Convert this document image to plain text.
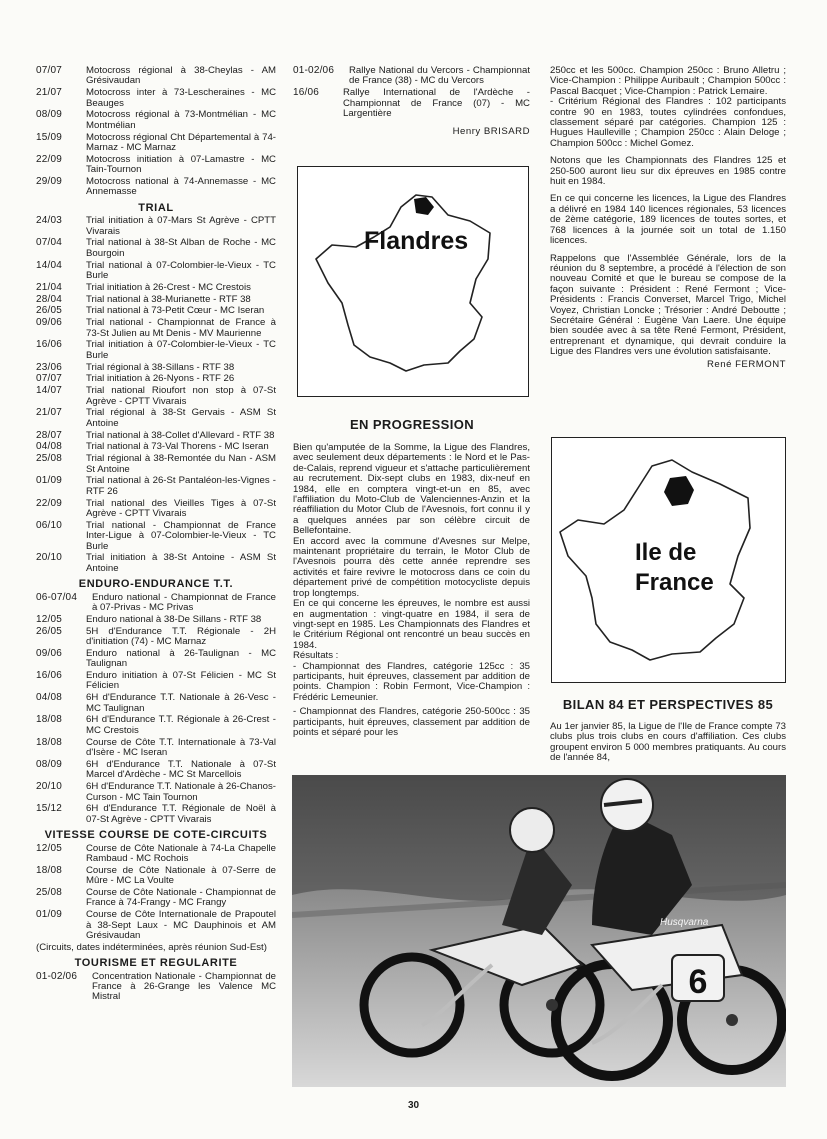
07/07	Motocross régional à 38-Cheylas - AM Grésivaudan
21/07	Motocross inter à 73-Lescheraines - MC Beauges
08/09	Motocross régional à 73-Montmélian - MC Montmélian
15/09	Motocross régional Cht Départemental à 74-Marnaz - MC Marnaz
22/09	Motocross initiation à 07-Lamastre - MC Tain-Tournon
29/09	Motocross national à 74-Annemasse - MC Annemasse
TRIAL
24/03	Trial initiation à 07-Mars St Agrève - CPTT Vivarais
07/04	Trial national à 38-St Alban de Roche - MC Bourgoin
14/04	Trial national à 07-Colombier-le-Vieux - TC Burle
21/04	Trial initiation à 26-Crest - MC Crestois
28/04	Trial national à 38-Murianette - RTF 38
26/05	Trial national à 73-Petit Cœur - MC Iseran
09/06	Trial national - Championnat de France à 73-St Julien au Mt Denis - MV Maurienne
16/06	Trial initiation à 07-Colombier-le-Vieux - TC Burle
23/06	Trial régional à 38-Sillans - RTF 38
07/07	Trial initiation à 26-Nyons - RTF 26
14/07	Trial national Rioufort non stop à 07-St Agrève - CPTT Vivarais
21/07	Trial régional à 38-St Gervais - ASM St Antoine
28/07	Trial national à 38-Collet d'Allevard - RTF 38
04/08	Trial national à 73-Val Thorens - MC Iseran
25/08	Trial régional à 38-Remontée du Nan - ASM St Antoine
01/09	Trial national à 26-St Pantaléon-les-Vignes - RTF 26
22/09	Trial national des Vieilles Tiges à 07-St Agrève - CPTT Vivarais
06/10	Trial national - Championnat de France Inter-Ligue à 07-Colombier-le-Vieux - TC Burle
20/10	Trial initiation à 38-St Antoine - ASM St Antoine
ENDURO-ENDURANCE T.T.
06-07/04	Enduro national - Championnat de France à 07-Privas - MC Privas
12/05	Enduro national à 38-De Sillans - RTF 38
26/05	5H d'Endurance T.T. Régionale - 2H d'initiation (74) - MC Marnaz
09/06	Enduro national à 26-Taulignan - MC Taulignan
16/06	Enduro initiation à 07-St Félicien - MC St Félicien
04/08	6H d'Endurance T.T. Nationale à 26-Vesc - MC Taulignan
18/08	6H d'Endurance T.T. Régionale à 26-Crest - MC Crestois
18/08	Course de Côte T.T. Internationale à 73-Val d'Isère - MC Iseran
08/09	6H d'Endurance T.T. Nationale à 07-St Marcel d'Ardèche - MC St Marcellois
20/10	6H d'Endurance T.T. Nationale à 26-Chanos-Curson - MC Tain Tournon
15/12	6H d'Endurance T.T. Régionale de Noël à 07-St Agrève - CPTT Vivarais
VITESSE COURSE DE COTE-CIRCUITS
12/05	Course de Côte Nationale à 74-La Chapelle Rambaud - MC Rochois
18/08	Course de Côte Nationale à 07-Serre de Mûre - MC La Voulte
25/08	Course de Côte Nationale - Championnat de France à 74-Frangy - MC Frangy
01/09	Course de Côte Internationale de Prapoutel à 38-Sept Laux - MC Dauphinois et AM Grésivaudan
(Circuits, dates indéterminées, après réunion Sud-Est)
TOURISME ET REGULARITE
01-02/06	Concentration Nationale - Championnat de France à 26-Grange les Valence MC Mistral
01-02/06	Rallye National du Vercors - Championnat de France (38) - MC du Vercors
16/06	Rallye International de l'Ardèche - Championnat de France (07) - MC Largentière
Henry BRISARD
Flandres
EN PROGRESSION

Bien qu'amputée de la Somme, la Ligue des Flandres, avec seulement deux départements : le Nord et le Pas-de-Calais, reprend vigueur et s'attache particulièrement au recrutement. Dix-sept clubs en 1983, dix-neuf en 1984, elle en comptera vingt-et-un en 85, avec l'affiliation du Moto-Club de Valenciennes-Anzin et la réaffiliation du Motor Club de l'Avesnois, fort connu il y a quelques années par son célèbre circuit de Bellefontaine.

En accord avec la commune d'Avesnes sur Melpe, maintenant propriétaire du terrain, le Motor Club de l'Avesnois pourra dès cette année reprendre ses activités et faire revivre le motocross dans ce coin du département privé de compétition motocycliste depuis trop longtemps.

En ce qui concerne les épreuves, le nombre est aussi en augmentation : vingt-quatre en 1984, il sera de vingt-sept en 1985. Les Championnats des Flandres et le Critérium Régional ont rencontré un beau succès en 1984.

Résultats :

- Championnat des Flandres, catégorie 125cc : 35 participants, huit épreuves, classement par addition de points. Champion : Robin Fermont, Vice-Champion : Frédéric Lemeunier.

- Championnat des Flandres, catégorie 250-500cc : 35 participants, huit épreuves, classement par addition de points et séparé pour les

250cc et les 500cc. Champion 250cc : Bruno Alletru ; Vice-Champion : Philippe Auribault ; Champion 500cc : Pascal Bacquet ; Vice-Champion : Patrick Lemaire.

- Critérium Régional des Flandres : 102 participants contre 90 en 1983, toutes cylindrées confondues, classement séparé par catégories. Champion 125 : Hugues Haulleville ; Champion 250cc : Alain Deloge ; Champion 500cc : Michel Gomez.

Notons que les Championnats des Flandres 125 et 250-500 auront lieu sur dix épreuves en 1985 contre huit en 1984.

En ce qui concerne les licences, la Ligue des Flandres a délivré en 1984 140 licences régionales, 53 licences de 2ème catégorie, 189 licences de toutes sortes, et 768 licences à la journée soit un total de 1.150 licences.

Rappelons que l'Assemblée Générale, lors de la réunion du 8 septembre, a procédé à l'élection de son nouveau Comité et que le bureau se compose de la façon suivante : Président : René Fermont ; Vice-Présidents : Francis Converset, Marcel Trigo, Michel Voyez, Christian Loncke ; Trésorier : André Deboutte ; Secrétaire Général : Eugène Van Laere. Une équipe bien soudée avec à sa tête René Fermont, Président, entreprenant et dynamique, qui devrait conduire la Ligue des Flandres vers une évolution satisfaisante.

René FERMONT
Ile de
France
BILAN 84 ET PERSPECTIVES 85

Au 1er janvier 85, la Ligue de l'Ile de France compte 73 clubs plus trois clubs en cours d'affiliation. Ces clubs groupent environ 5 000 membres pratiquants. Au cours de l'année 84,

6
Husqvarna
30
